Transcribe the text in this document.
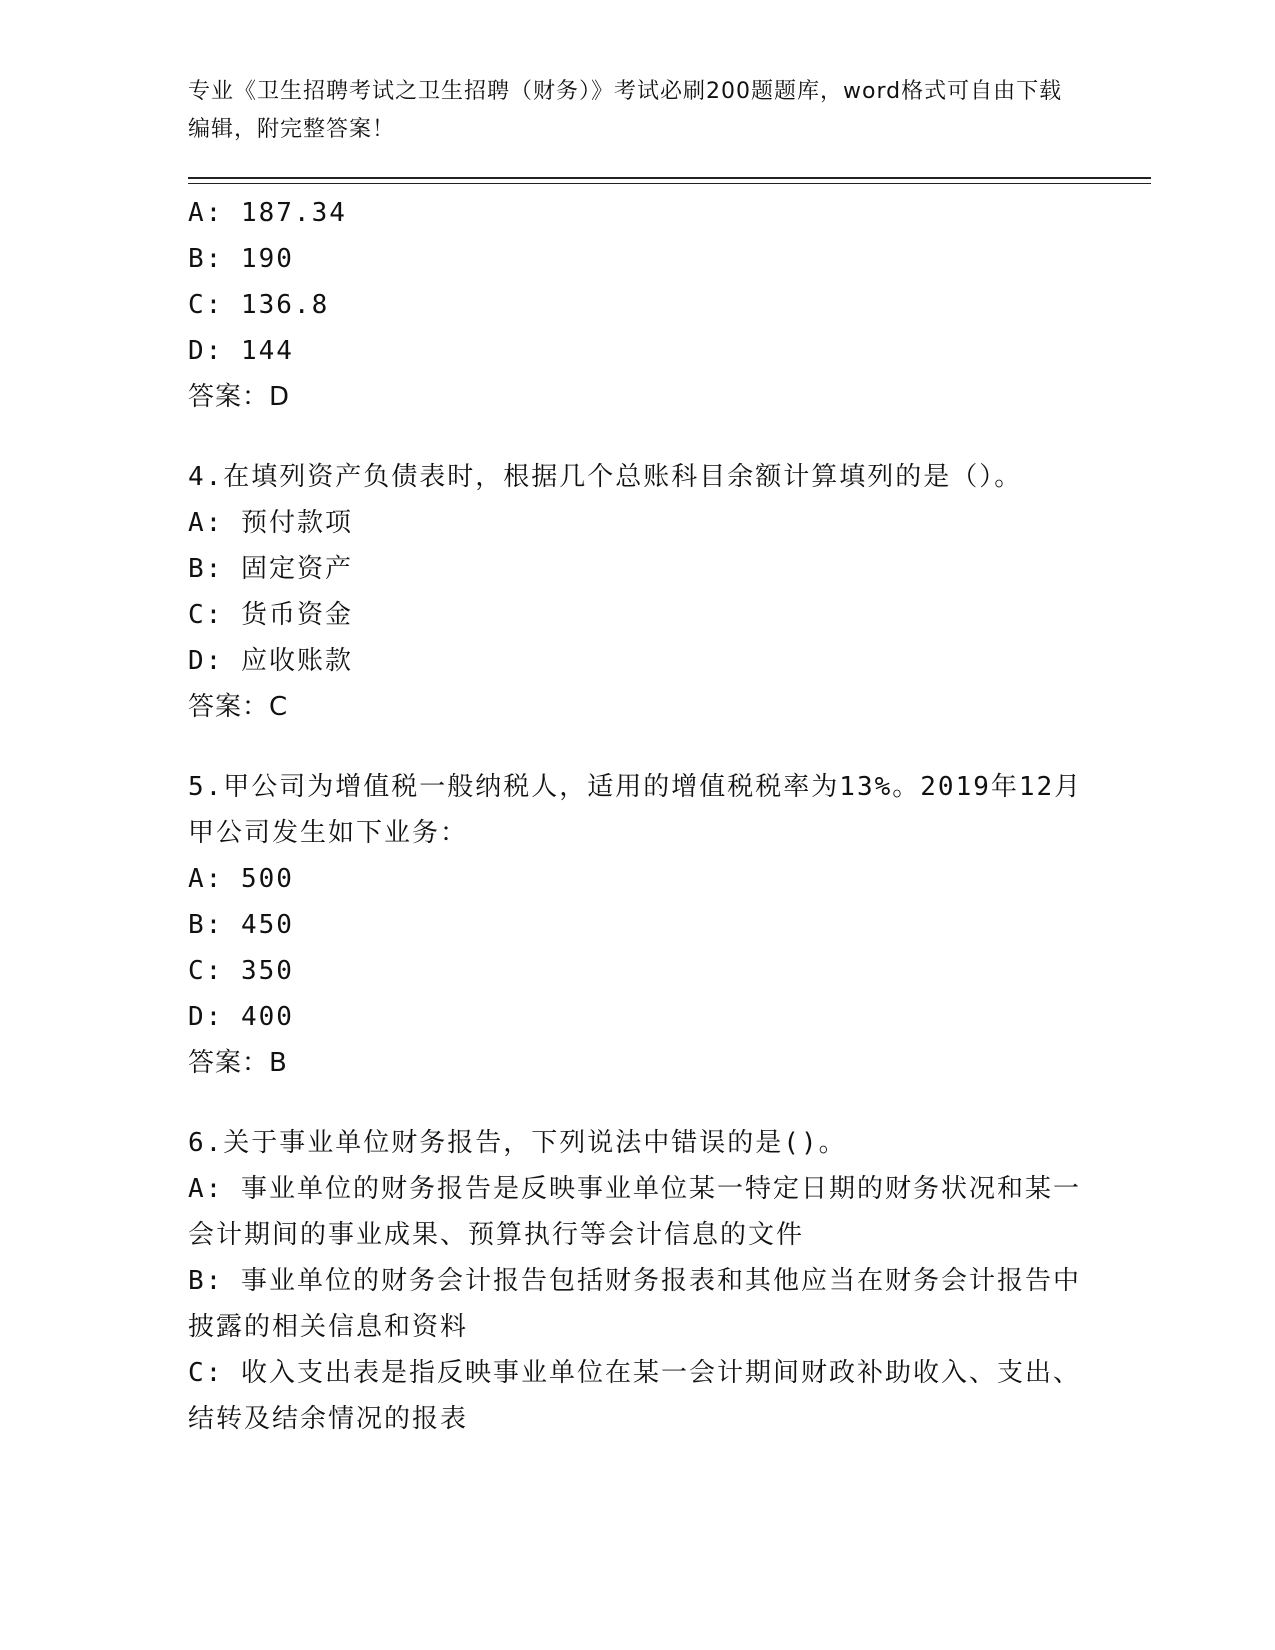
专业《卫生招聘考试之卫生招聘（财务）》考试必刷200题题库，word格式可自由下载编辑，附完整答案！
A: 187.34
B: 190
C: 136.8
D: 144
答案：D
4.在填列资产负债表时，根据几个总账科目余额计算填列的是（）。
A: 预付款项
B: 固定资产
C: 货币资金
D: 应收账款
答案：C
5.甲公司为增值税一般纳税人，适用的增值税税率为13%。2019年12月甲公司发生如下业务：
A: 500
B: 450
C: 350
D: 400
答案：B
6.关于事业单位财务报告，下列说法中错误的是()。
A: 事业单位的财务报告是反映事业单位某一特定日期的财务状况和某一会计期间的事业成果、预算执行等会计信息的文件
B: 事业单位的财务会计报告包括财务报表和其他应当在财务会计报告中披露的相关信息和资料
C: 收入支出表是指反映事业单位在某一会计期间财政补助收入、支出、结转及结余情况的报表
